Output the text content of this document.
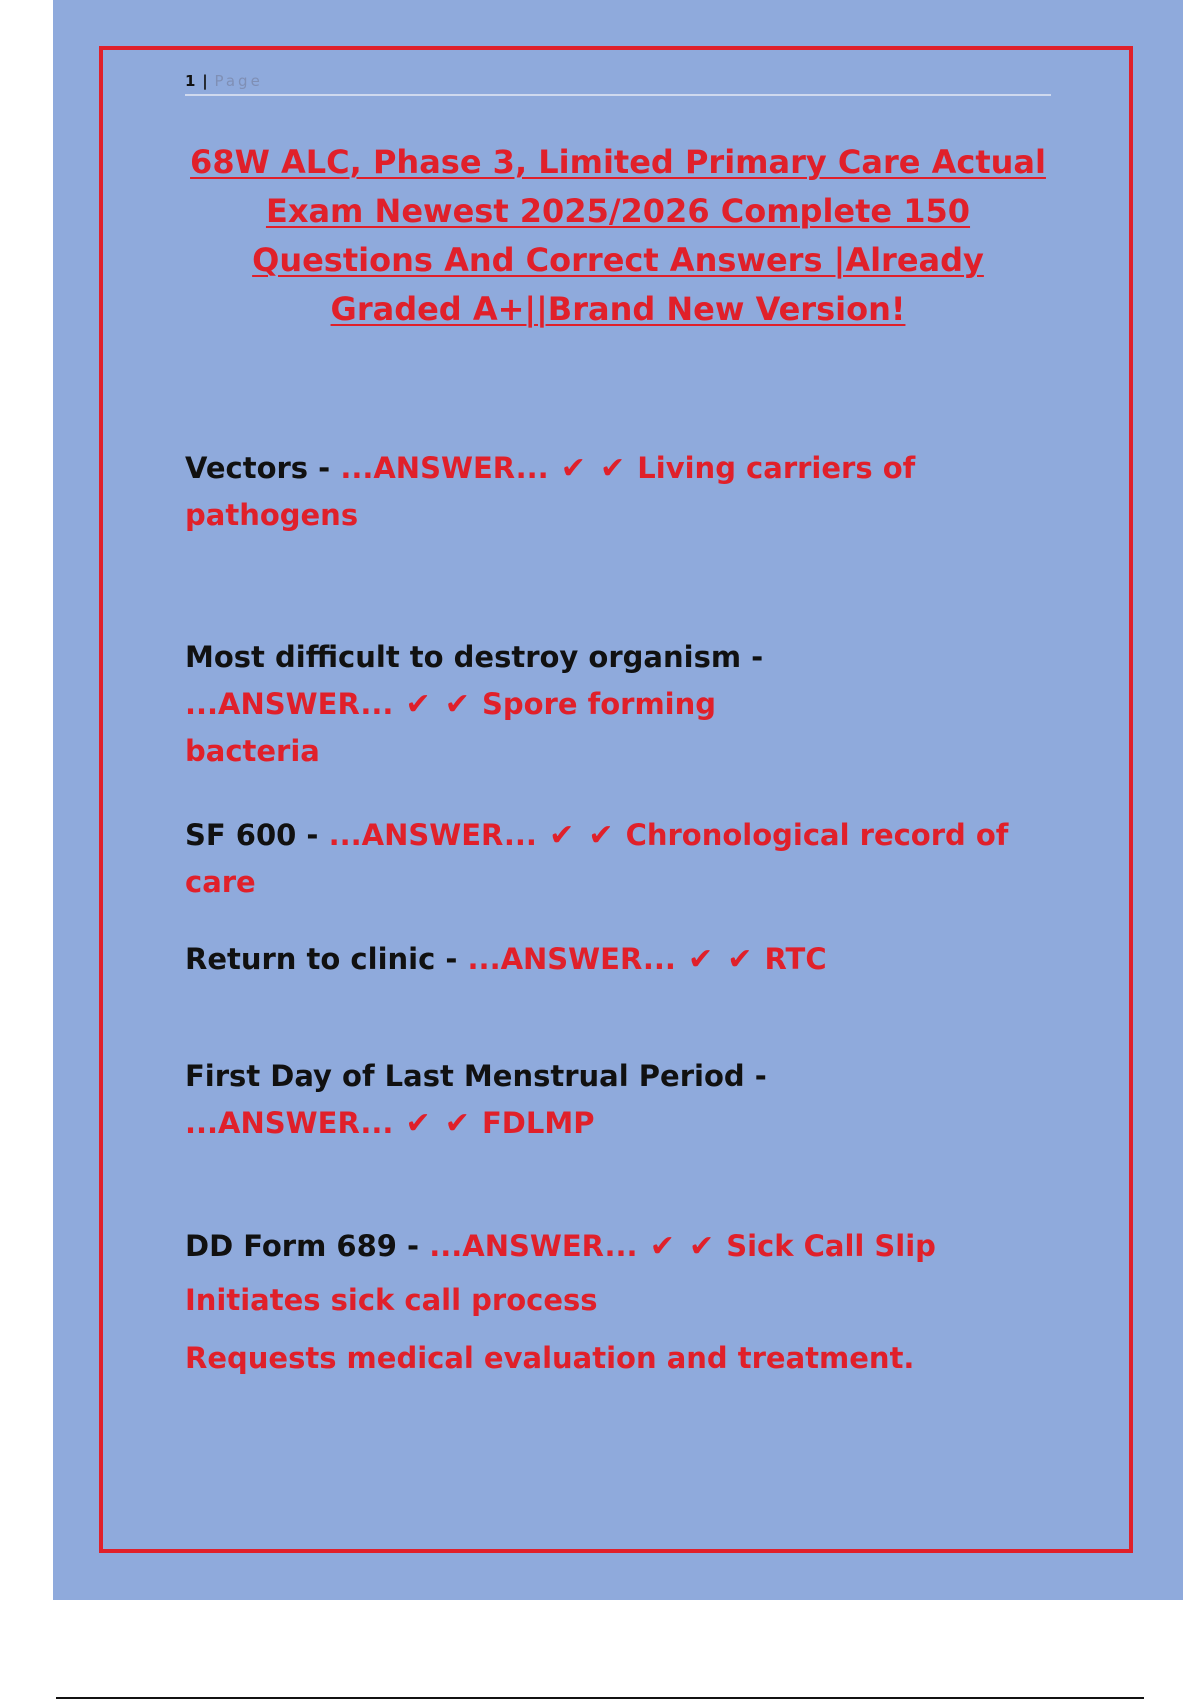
1 | Page
68W ALC, Phase 3, Limited Primary Care Actual Exam Newest 2025/2026 Complete 150 Questions And Correct Answers |Already Graded A+||Brand New Version!
Vectors - ...ANSWER... ✔ ✔ Living carriers of pathogens
Most difficult to destroy organism - ...ANSWER... ✔ ✔ Spore forming bacteria
SF 600 - ...ANSWER... ✔ ✔ Chronological record of care
Return to clinic - ...ANSWER... ✔ ✔ RTC
First Day of Last Menstrual Period - ...ANSWER... ✔ ✔ FDLMP
DD Form 689 - ...ANSWER... ✔ ✔ Sick Call Slip
Initiates sick call process
Requests medical evaluation and treatment.
